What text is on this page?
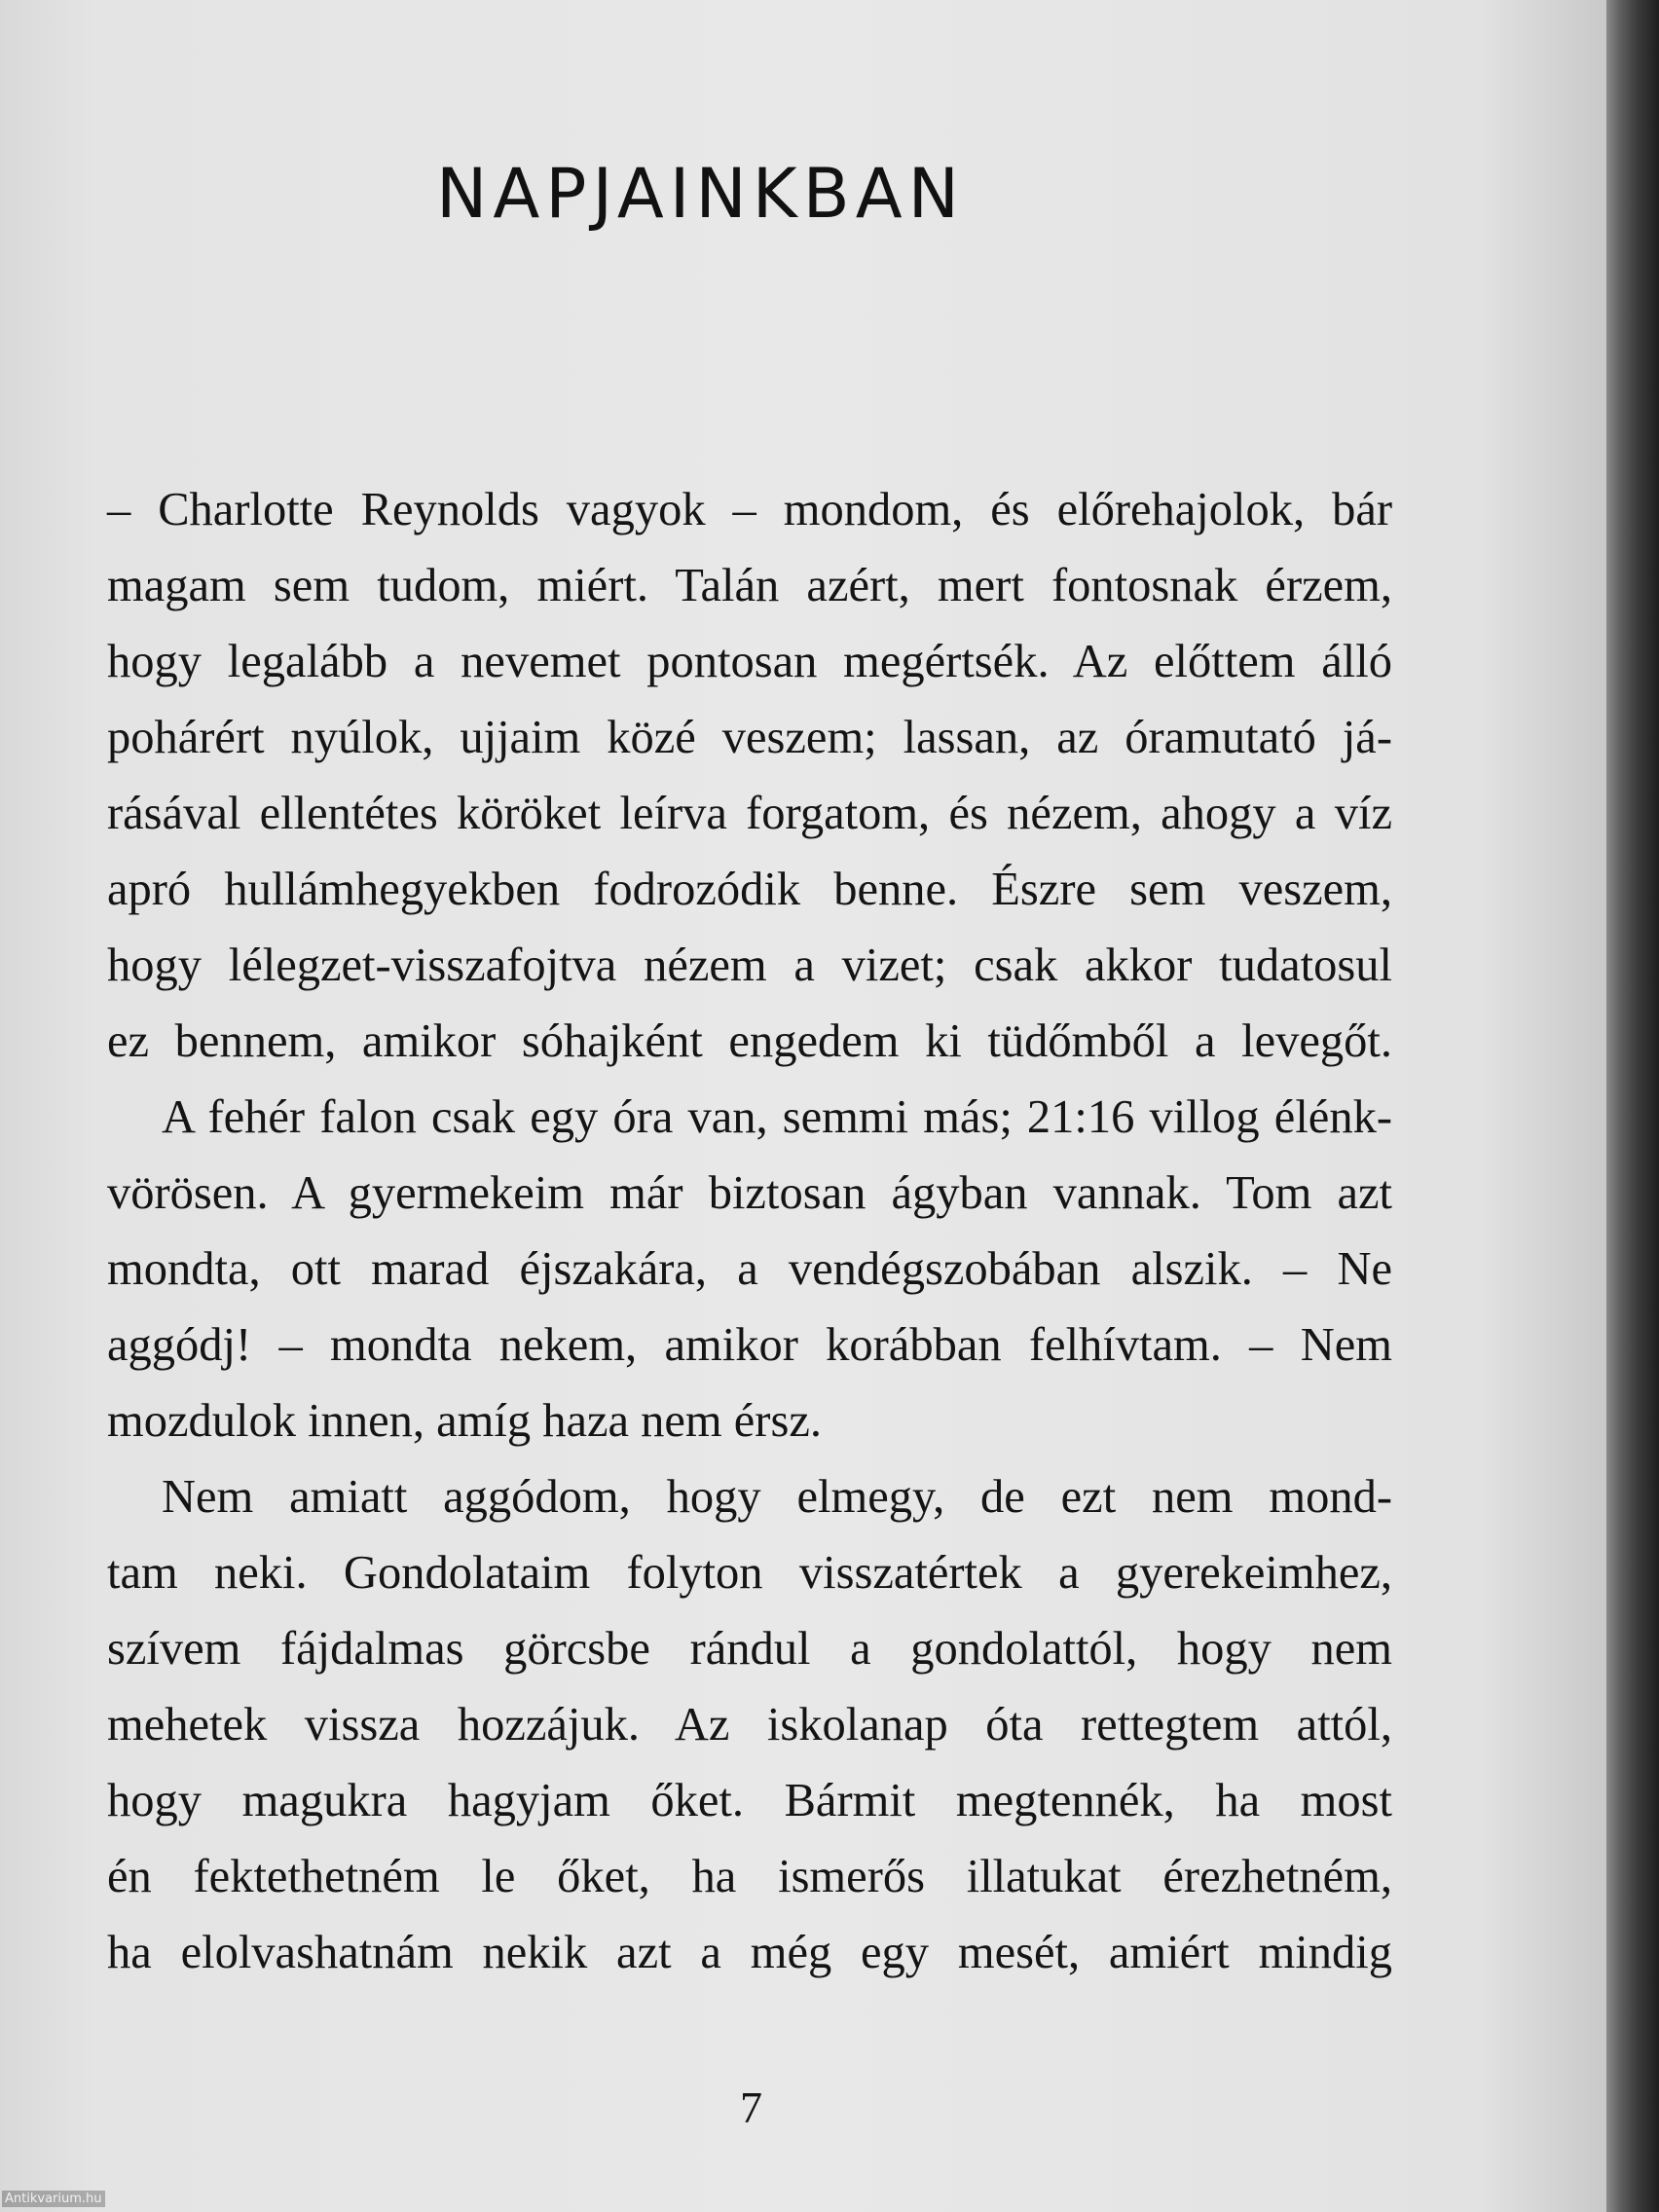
NAPJAINKBAN
– Charlotte Reynolds vagyok – mondom, és előrehajolok, bár
magam sem tudom, miért. Talán azért, mert fontosnak érzem,
hogy legalább a nevemet pontosan megértsék. Az előttem álló
pohárért nyúlok, ujjaim közé veszem; lassan, az óramutató já-
rásával ellentétes köröket leírva forgatom, és nézem, ahogy a víz
apró hullámhegyekben fodrozódik benne. Észre sem veszem,
hogy lélegzet-visszafojtva nézem a vizet; csak akkor tudatosul
ez bennem, amikor sóhajként engedem ki tüdőmből a levegőt.
A fehér falon csak egy óra van, semmi más; 21:16 villog élénk-
vörösen. A gyermekeim már biztosan ágyban vannak. Tom azt
mondta, ott marad éjszakára, a vendégszobában alszik. – Ne
aggódj! – mondta nekem, amikor korábban felhívtam. – Nem
mozdulok innen, amíg haza nem érsz.
Nem amiatt aggódom, hogy elmegy, de ezt nem mond-
tam neki. Gondolataim folyton visszatértek a gyerekeimhez,
szívem fájdalmas görcsbe rándul a gondolattól, hogy nem
mehetek vissza hozzájuk. Az iskolanap óta rettegtem attól,
hogy magukra hagyjam őket. Bármit megtennék, ha most
én fektethetném le őket, ha ismerős illatukat érezhetném,
ha elolvashatnám nekik azt a még egy mesét, amiért mindig
7
Antikvarium.hu
